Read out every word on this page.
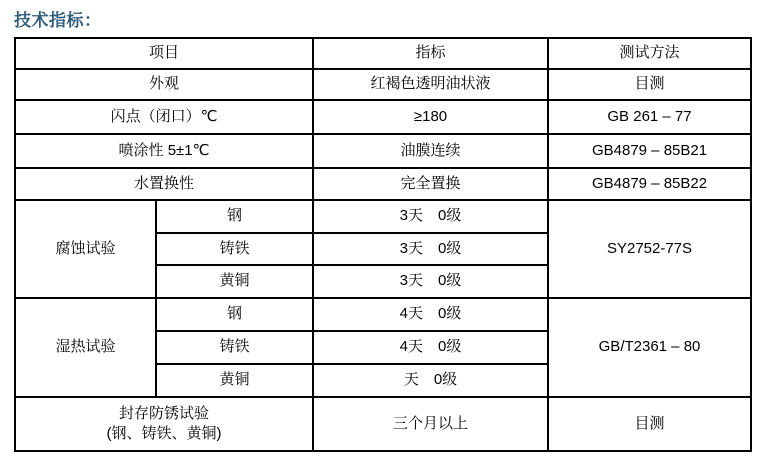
技术指标：
项目		指标	测试方法
外观		红褐色透明油状液	目测
闪点（闭口）℃		≥180	GB 261 – 77
喷涂性 5±1℃		油膜连续	GB4879 – 85B21
水置换性		完全置换	GB4879 – 85B22
腐蚀试验	钢	3天　0级	SY2752-77S
	铸铁	3天　0级	
	黄铜	3天　0级	
湿热试验	钢	4天　0级	GB/T2361 – 80
	铸铁	4天　0级	
	黄铜	天　0级	

封存防锈试验
(钢、铸铁、黄铜)		三个月以上	目测
